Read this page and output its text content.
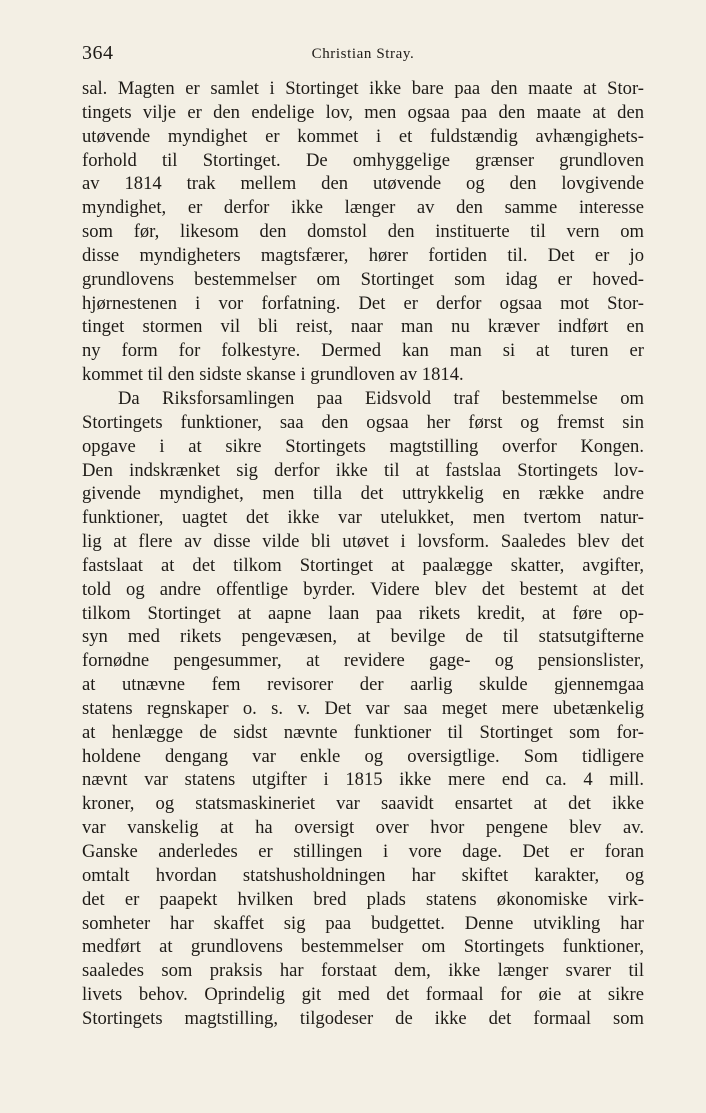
364	Christian Stray.
sal. Magten er samlet i Stortinget ikke bare paa den maate at Stor-
tingets vilje er den endelige lov, men ogsaa paa den maate at den
utøvende myndighet er kommet i et fuldstændig avhængighets-
forhold til Stortinget. De omhyggelige grænser grundloven
av 1814 trak mellem den utøvende og den lovgivende
myndighet, er derfor ikke længer av den samme interesse
som før, likesom den domstol den instituerte til vern om
disse myndigheters magtsfærer, hører fortiden til. Det er jo
grundlovens bestemmelser om Stortinget som idag er hoved-
hjørnestenen i vor forfatning. Det er derfor ogsaa mot Stor-
tinget stormen vil bli reist, naar man nu kræver indført en
ny form for folkestyre. Dermed kan man si at turen er
kommet til den sidste skanse i grundloven av 1814.
Da Riksforsamlingen paa Eidsvold traf bestemmelse om
Stortingets funktioner, saa den ogsaa her først og fremst sin
opgave i at sikre Stortingets magtstilling overfor Kongen.
Den indskrænket sig derfor ikke til at fastslaa Stortingets lov-
givende myndighet, men tilla det uttrykkelig en række andre
funktioner, uagtet det ikke var utelukket, men tvertom natur-
lig at flere av disse vilde bli utøvet i lovsform. Saaledes blev det
fastslaat at det tilkom Stortinget at paalægge skatter, avgifter,
told og andre offentlige byrder. Videre blev det bestemt at det
tilkom Stortinget at aapne laan paa rikets kredit, at føre op-
syn med rikets pengevæsen, at bevilge de til statsutgifterne
fornødne pengesummer, at revidere gage- og pensionslister,
at utnævne fem revisorer der aarlig skulde gjennemgaa
statens regnskaper o. s. v. Det var saa meget mere ubetænkelig
at henlægge de sidst nævnte funktioner til Stortinget som for-
holdene dengang var enkle og oversigtlige. Som tidligere
nævnt var statens utgifter i 1815 ikke mere end ca. 4 mill.
kroner, og statsmaskineriet var saavidt ensartet at det ikke
var vanskelig at ha oversigt over hvor pengene blev av.
Ganske anderledes er stillingen i vore dage. Det er foran
omtalt hvordan statshusholdningen har skiftet karakter, og
det er paapekt hvilken bred plads statens økonomiske virk-
somheter har skaffet sig paa budgettet. Denne utvikling har
medført at grundlovens bestemmelser om Stortingets funktioner,
saaledes som praksis har forstaat dem, ikke længer svarer til
livets behov. Oprindelig git med det formaal for øie at sikre
Stortingets magtstilling, tilgodeser de ikke det formaal som
